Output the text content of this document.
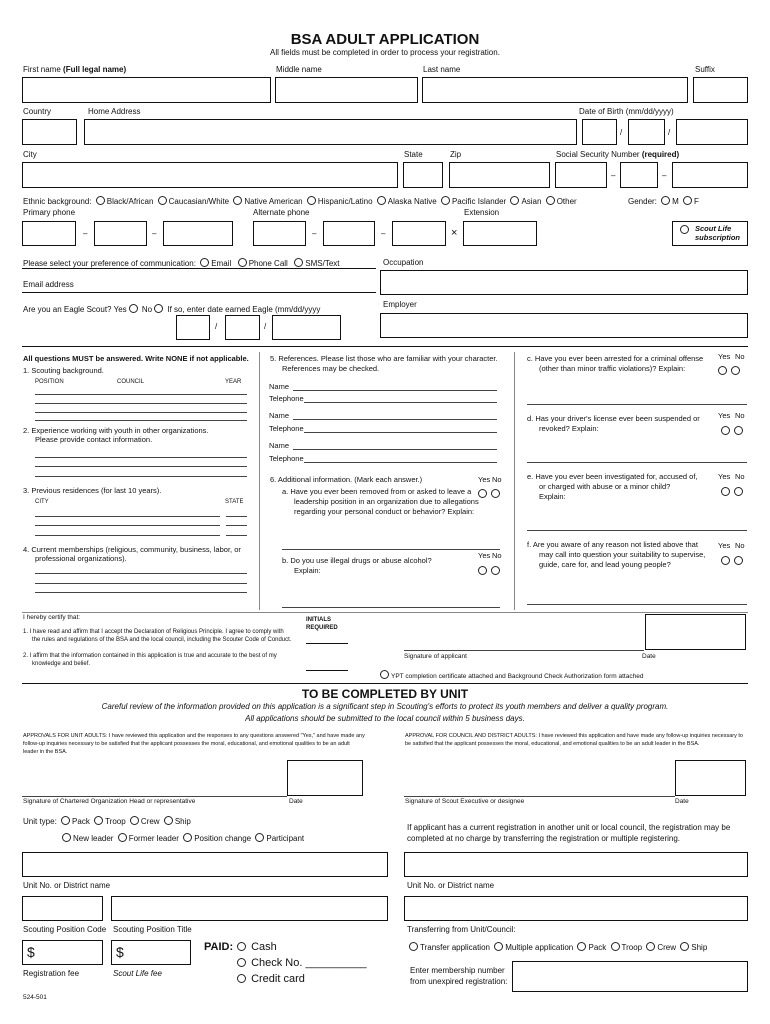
BSA ADULT APPLICATION
All fields must be completed in order to process your registration.
First name (Full legal name)	Middle name	Last name	Suffix
Country	Home Address	Date of Birth (mm/dd/yyyy)
/	/
City	State	Zip	Social Security Number (required)
–	–
Ethnic background: Black/African Caucasian/White Native American Hispanic/Latino Alaska Native Pacific Islander Asian Other	Gender: M F
Primary phone	Alternate phone	Extension
–	–	–	–	×	Scout Life subscription
Please select your preference of communication: Email Phone Call SMS/Text	Occupation
Email address
Employer
Are you an Eagle Scout? Yes No If so, enter date earned Eagle (mm/dd/yyyy
/	/
All questions MUST be answered. Write NONE if not applicable.
1. Scouting background.
POSITION	COUNCIL	YEAR
2. Experience working with youth in other organizations.
Please provide contact information.
3. Previous residences (for last 10 years).
CITY	STATE
4. Current memberships (religious, community, business, labor, or
professional organizations).
5. References. Please list those who are familiar with your character.
References may be checked.
Name
Telephone
Name
Telephone
Name
Telephone
6. Additional information. (Mark each answer.)	Yes No
a. Have you ever been removed from or asked to leave a
leadership position in an organization due to allegations
regarding your personal conduct or behavior? Explain:
Yes No
b. Do you use illegal drugs or abuse alcohol?
Explain:
c. Have you ever been arrested for a criminal offense
(other than minor traffic violations)? Explain:
Yes No
d. Has your driver's license ever been suspended or
revoked? Explain:
Yes No
e. Have you ever been investigated for, accused of,
or charged with abuse or a minor child?
Explain:
Yes No
f. Are you aware of any reason not listed above that
may call into question your suitability to supervise,
guide, care for, and lead young people?
Yes No
I hereby certify that:	INITIALS
REQUIRED
1. I have read and affirm that I accept the Declaration of Religious Principle. I agree to comply with
the rules and regulations of the BSA and the local council, including the Scouter Code of Conduct.
2. I affirm that the information contained in this application is true and accurate to the best of my
knowledge and belief.
Signature of applicant	Date
YPT completion certificate attached and Background Check Authorization form attached
TO BE COMPLETED BY UNIT
Careful review of the information provided on this application is a significant step in Scouting's efforts to protect its youth members and deliver a quality program.
All applications should be submitted to the local council within 5 business days.
APPROVALS FOR UNIT ADULTS: I have reviewed this application and the responses to any questions answered "Yes," and have made any follow-up inquiries necessary to be satisfied that the applicant possesses the moral, educational, and emotional qualities to be an adult leader in the BSA.
APPROVAL FOR COUNCIL AND DISTRICT ADULTS: I have reviewed this application and have made any follow-up inquiries necessary to be satisfied that the applicant possesses the moral, educational, and emotional qualities to be an adult leader in the BSA.
Signature of Chartered Organization Head or representative	Date	Signature of Scout Executive or designee	Date
Unit type: Pack Troop Crew Ship
New leader Former leader Position change Participant
If applicant has a current registration in another unit or local council, the registration may be
completed at no charge by transferring the registration or multiple registering.
Unit No. or District name	Unit No. or District name
Scouting Position Code Scouting Position Title	Transferring from Unit/Council:
$	$
Registration fee	Scout Life fee
PAID:	Cash
Check No. __________
Credit card
Transfer application Multiple application Pack Troop Crew Ship
Enter membership number
from unexpired registration:
524-501
